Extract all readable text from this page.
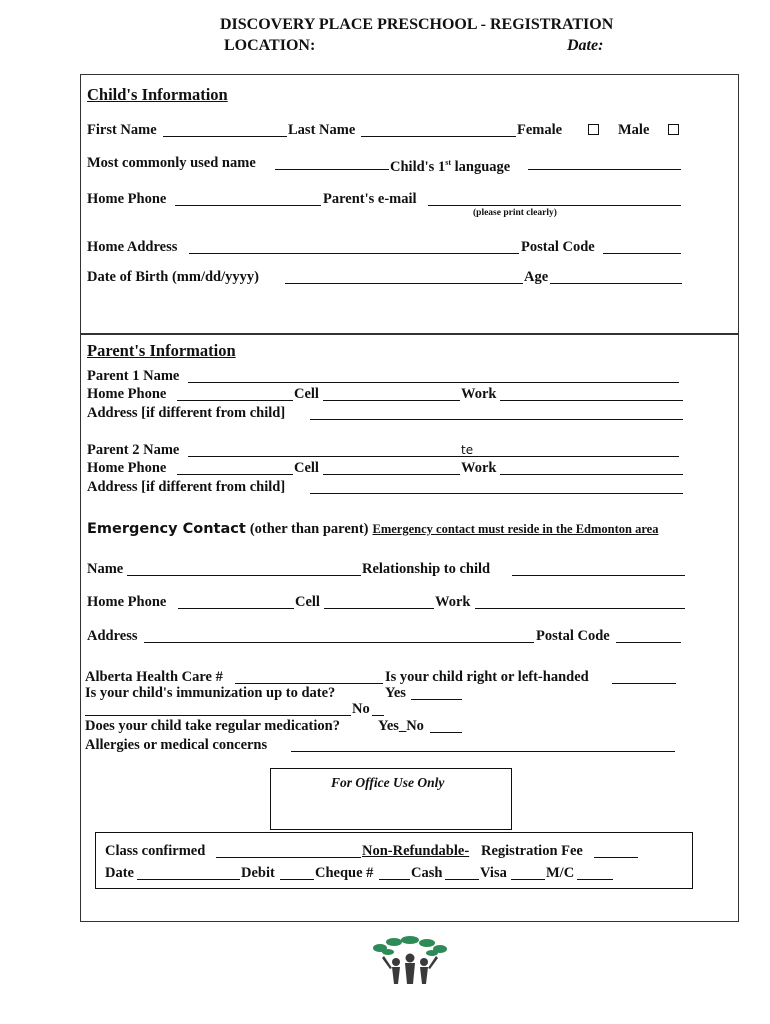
DISCOVERY PLACE PRESCHOOL - REGISTRATION
LOCATION:	Date:
Child's Information
First Name	Last Name	Female	Male
Most commonly used name	Child's 1st language
Home Phone	Parent's e-mail
(please print clearly)
Home Address	Postal Code
Date of Birth (mm/dd/yyyy)	Age
Parent's Information
Parent 1 Name
Home Phone	Cell	Work
Address [if different from child]
Parent 2 Name	te
Home Phone	Cell	Work
Address [if different from child]
Emergency Contact (other than parent) Emergency contact must reside in the Edmonton area
Name	Relationship to child
Home Phone	Cell	Work
Address	Postal Code
Alberta Health Care #	Is your child right or left-handed
Is your child's immunization up to date?	Yes
No
Does your child take regular medication?	Yes_No
Allergies or medical concerns
For Office Use Only
Class confirmed	Non-Refundable- Registration Fee
Date	Debit	Cheque #	Cash	Visa	M/C
